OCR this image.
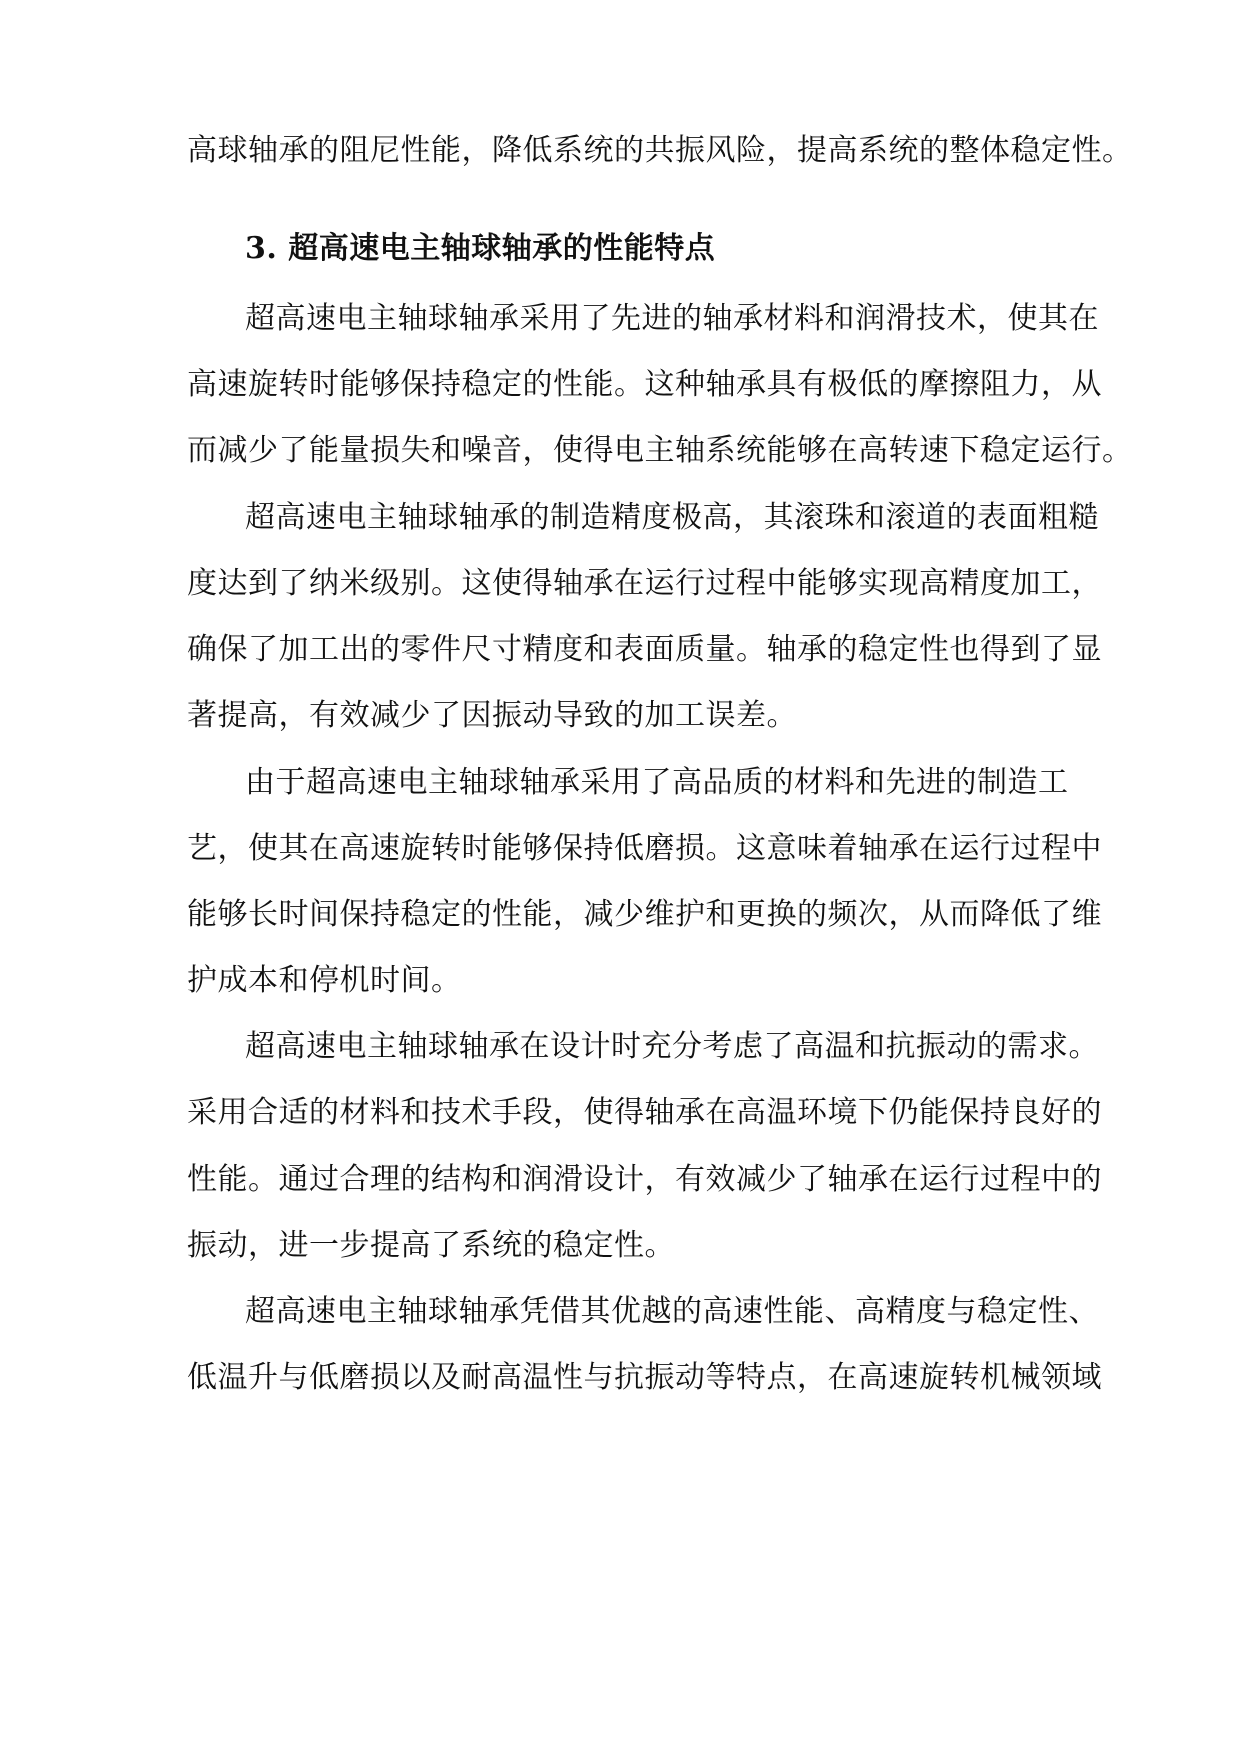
高球轴承的阻尼性能，降低系统的共振风险，提高系统的整体稳定性。

3. 超高速电主轴球轴承的性能特点

超高速电主轴球轴承采用了先进的轴承材料和润滑技术，使其在

高速旋转时能够保持稳定的性能。这种轴承具有极低的摩擦阻力，从

而减少了能量损失和噪音，使得电主轴系统能够在高转速下稳定运行。

超高速电主轴球轴承的制造精度极高，其滚珠和滚道的表面粗糙

度达到了纳米级别。这使得轴承在运行过程中能够实现高精度加工，

确保了加工出的零件尺寸精度和表面质量。轴承的稳定性也得到了显

著提高，有效减少了因振动导致的加工误差。

由于超高速电主轴球轴承采用了高品质的材料和先进的制造工

艺，使其在高速旋转时能够保持低磨损。这意味着轴承在运行过程中

能够长时间保持稳定的性能，减少维护和更换的频次，从而降低了维

护成本和停机时间。

超高速电主轴球轴承在设计时充分考虑了高温和抗振动的需求。

采用合适的材料和技术手段，使得轴承在高温环境下仍能保持良好的

性能。通过合理的结构和润滑设计，有效减少了轴承在运行过程中的

振动，进一步提高了系统的稳定性。

超高速电主轴球轴承凭借其优越的高速性能、高精度与稳定性、

低温升与低磨损以及耐高温性与抗振动等特点，在高速旋转机械领域
